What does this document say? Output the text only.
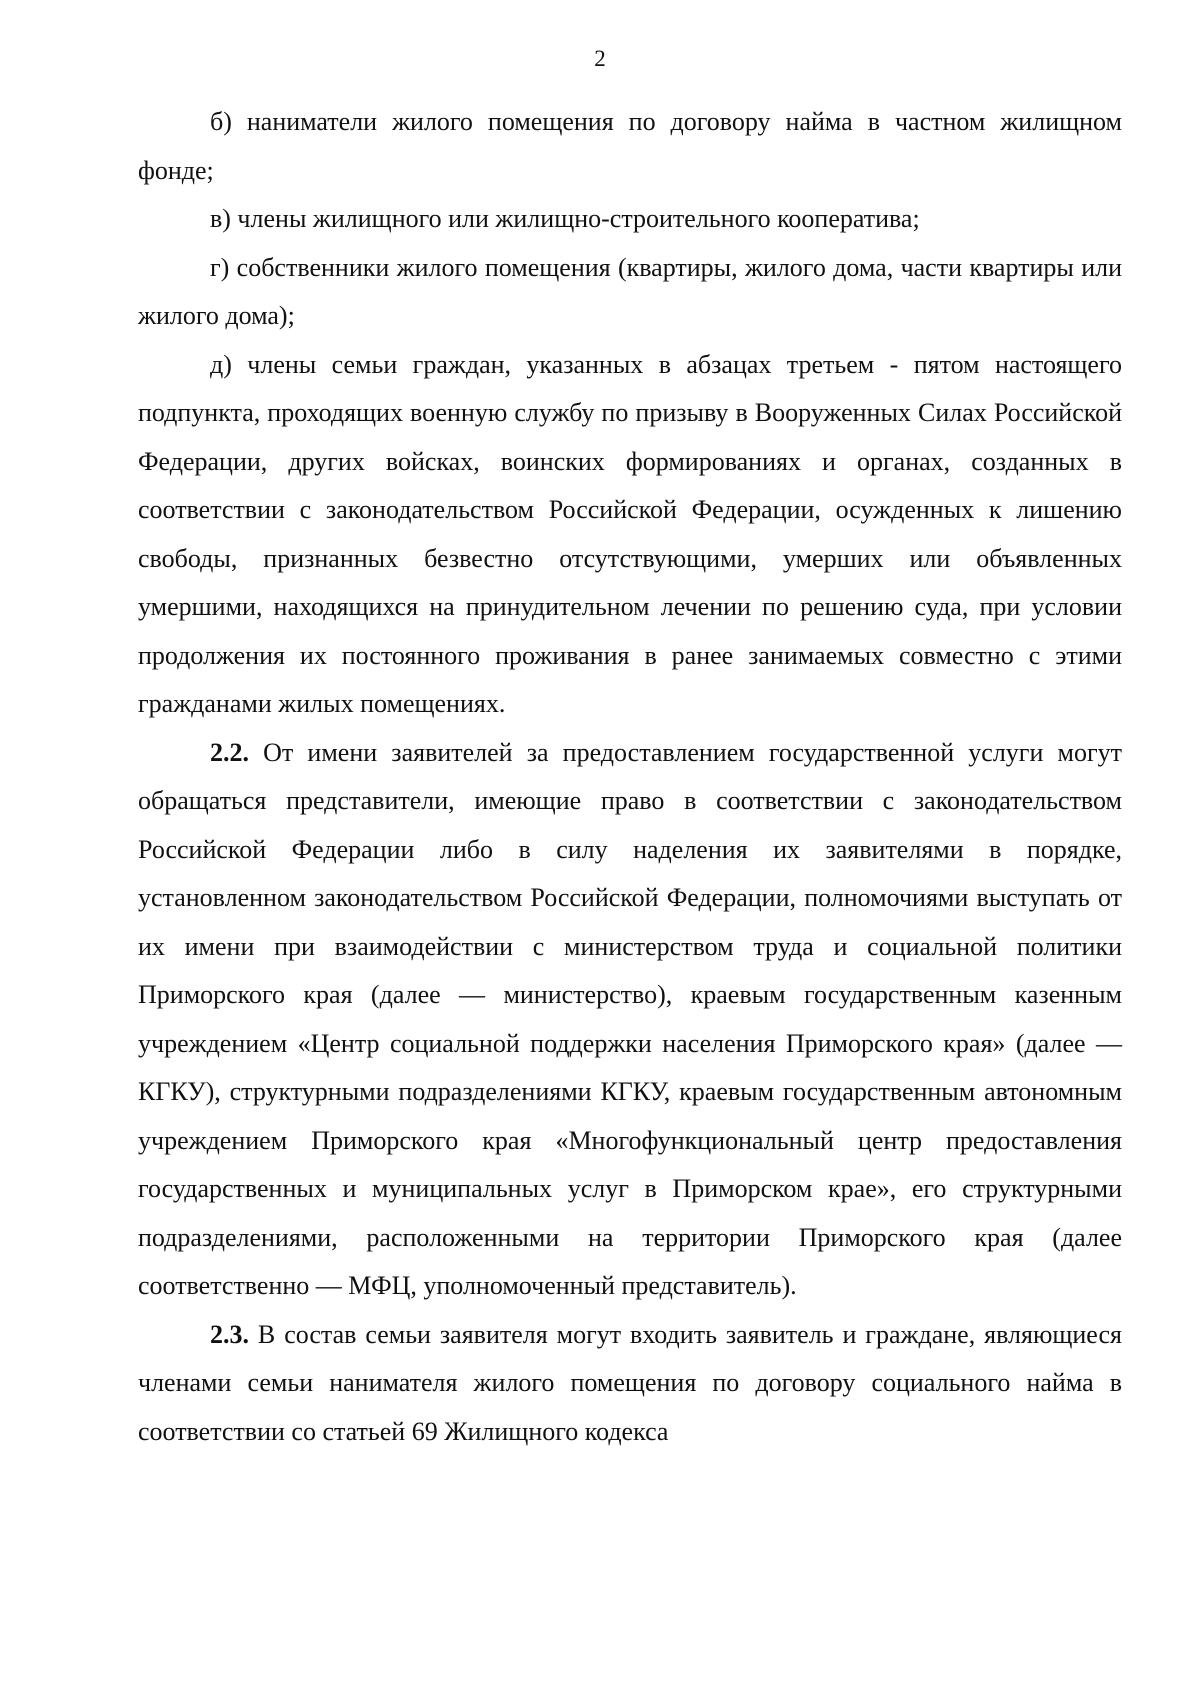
2

б) наниматели жилого помещения по договору найма в частном жилищном фонде;

в) члены жилищного или жилищно-строительного кооператива;

г) собственники жилого помещения (квартиры, жилого дома, части квартиры или жилого дома);

д) члены семьи граждан, указанных в абзацах третьем - пятом настоящего подпункта, проходящих военную службу по призыву в Вооруженных Силах Российской Федерации, других войсках, воинских формированиях и органах, созданных в соответствии с законодательством Российской Федерации, осужденных к лишению свободы, признанных безвестно отсутствующими, умерших или объявленных умершими, находящихся на принудительном лечении по решению суда, при условии продолжения их постоянного проживания в ранее занимаемых совместно с этими гражданами жилых помещениях.

2.2. От имени заявителей за предоставлением государственной услуги могут обращаться представители, имеющие право в соответствии с законодательством Российской Федерации либо в силу наделения их заявителями в порядке, установленном законодательством Российской Федерации, полномочиями выступать от их имени при взаимодействии с министерством труда и социальной политики Приморского края (далее — министерство), краевым государственным казенным учреждением «Центр социальной поддержки населения Приморского края» (далее — КГКУ), структурными подразделениями КГКУ, краевым государственным автономным учреждением Приморского края «Многофункциональный центр предоставления государственных и муниципальных услуг в Приморском крае», его структурными подразделениями, расположенными на территории Приморского края (далее соответственно — МФЦ, уполномоченный представитель).

2.3. В состав семьи заявителя могут входить заявитель и граждане, являющиеся членами семьи нанимателя жилого помещения по договору социального найма в соответствии со статьей 69 Жилищного кодекса
